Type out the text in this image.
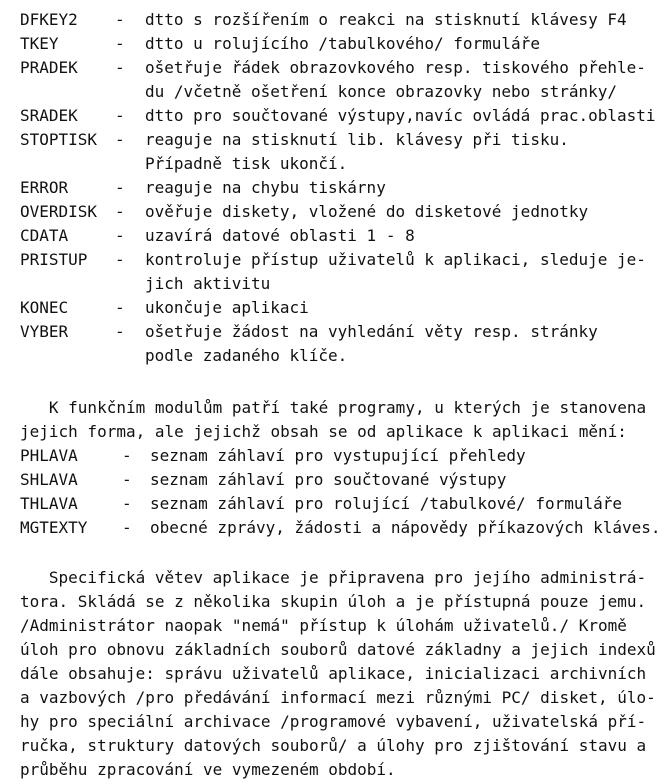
DFKEY2 - dtto s rozšířením o reakci na stisknutí klávesy F4
TKEY	- dtto u rolujícího /tabulkového/ formuláře
PRADEK - ošetřuje řádek obrazovkového resp. tiskového přehle-
du /včetně ošetření konce obrazovky nebo stránky/
SRADEK - dtto pro součtované výstupy,navíc ovládá prac.oblasti
STOPTISK - reaguje na stisknutí lib. klávesy při tisku.
Případně tisk ukončí.
ERROR	- reaguje na chybu tiskárny
OVERDISK - ověřuje diskety, vložené do disketové jednotky
CDATA	- uzavírá datové oblasti 1 - 8
PRISTUP - kontroluje přístup uživatelů k aplikaci, sleduje je-
jich aktivitu
KONEC	- ukončuje aplikaci
VYBER	- ošetřuje žádost na vyhledání věty resp. stránky
podle zadaného klíče.
K funkčním modulům patří také programy, u kterých je stanovena
jejich forma, ale jejichž obsah se od aplikace k aplikaci mění:
PHLAVA	- seznam záhlaví pro vystupující přehledy
SHLAVA	- seznam záhlaví pro součtované výstupy
THLAVA	- seznam záhlaví pro rolující /tabulkové/ formuláře
MGTEXTY - obecné zprávy, žádosti a nápovědy příkazových kláves.
Specifická větev aplikace je připravena pro jejího administrá-
tora. Skládá se z několika skupin úloh a je přístupná pouze jemu.
/Administrátor naopak "nemá" přístup k úlohám uživatelů./ Kromě
úloh pro obnovu základních souborů datové základny a jejich indexů
dále obsahuje: správu uživatelů aplikace, inicializaci archivních
a vazbových /pro předávání informací mezi různými PC/ disket, úlo-
hy pro speciální archivace /programové vybavení, uživatelská pří-
ručka, struktury datových souborů/ a úlohy pro zjištování stavu a
průběhu zpracování ve vymezeném období.
